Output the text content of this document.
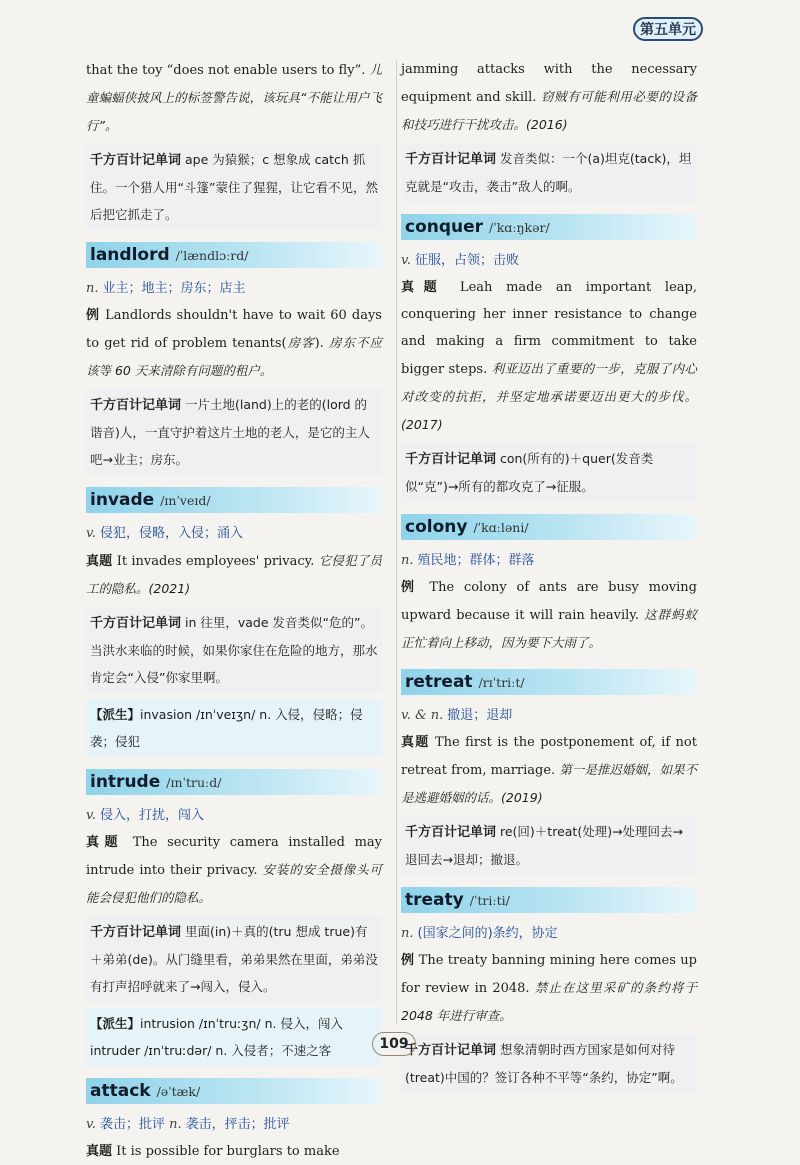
第五单元

that the toy “does not enable users to fly”. 儿童蝙蝠侠披风上的标签警告说，该玩具“不能让用户飞行”。

千方百计记单词 ape 为猿猴；c 想象成 catch 抓住。一个猎人用“斗篷”蒙住了猩猩，让它看不见，然后把它抓走了。
landlord /ˈlændlɔːrd/
n. 业主；地主；房东；店主

例 Landlords shouldn't have to wait 60 days to get rid of problem tenants(房客). 房东不应该等 60 天来清除有问题的租户。

千方百计记单词 一片土地(land)上的老的(lord 的谐音)人，一直守护着这片土地的老人，是它的主人吧→业主；房东。
invade /ɪnˈveɪd/
v. 侵犯，侵略，入侵；涌入

真题 It invades employees' privacy. 它侵犯了员工的隐私。(2021)

千方百计记单词 in 往里，vade 发音类似“危的”。当洪水来临的时候，如果你家住在危险的地方，那水肯定会“入侵”你家里啊。
【派生】invasion /ɪnˈveɪʒn/ n. 入侵，侵略；侵袭；侵犯
intrude /ɪnˈtruːd/
v. 侵入，打扰，闯入

真题 The security camera installed may intrude into their privacy. 安装的安全摄像头可能会侵犯他们的隐私。

千方百计记单词 里面(in)＋真的(tru 想成 true)有＋弟弟(de)。从门缝里看，弟弟果然在里面，弟弟没有打声招呼就来了→闯入，侵入。
【派生】intrusion /ɪnˈtruːʒn/ n. 侵入，闯入 intruder /ɪnˈtruːdər/ n. 入侵者；不速之客
attack /əˈtæk/
v. 袭击；批评 n. 袭击，抨击；批评

真题 It is possible for burglars to make

jamming attacks with the necessary equipment and skill. 窃贼有可能利用必要的设备和技巧进行干扰攻击。(2016)

千方百计记单词 发音类似：一个(a)坦克(tack)，坦克就是“攻击，袭击”敌人的啊。
conquer /ˈkɑːŋkər/
v. 征服，占领；击败

真题 Leah made an important leap, conquering her inner resistance to change and making a firm commitment to take bigger steps. 利亚迈出了重要的一步，克服了内心对改变的抗拒，并坚定地承诺要迈出更大的步伐。(2017)

千方百计记单词 con(所有的)＋quer(发音类似“克”)→所有的都攻克了→征服。
colony /ˈkɑːləni/
n. 殖民地；群体；群落

例 The colony of ants are busy moving upward because it will rain heavily. 这群蚂蚁正忙着向上移动，因为要下大雨了。

retreat /rɪˈtriːt/
v. & n. 撤退；退却

真题 The first is the postponement of, if not retreat from, marriage. 第一是推迟婚姻，如果不是逃避婚姻的话。(2019)

千方百计记单词 re(回)＋treat(处理)→处理回去→退回去→退却；撤退。
treaty /ˈtriːti/
n. (国家之间的)条约，协定

例 The treaty banning mining here comes up for review in 2048. 禁止在这里采矿的条约将于 2048 年进行审查。

千方百计记单词 想象清朝时西方国家是如何对待(treat)中国的？签订各种不平等“条约，协定”啊。
109
